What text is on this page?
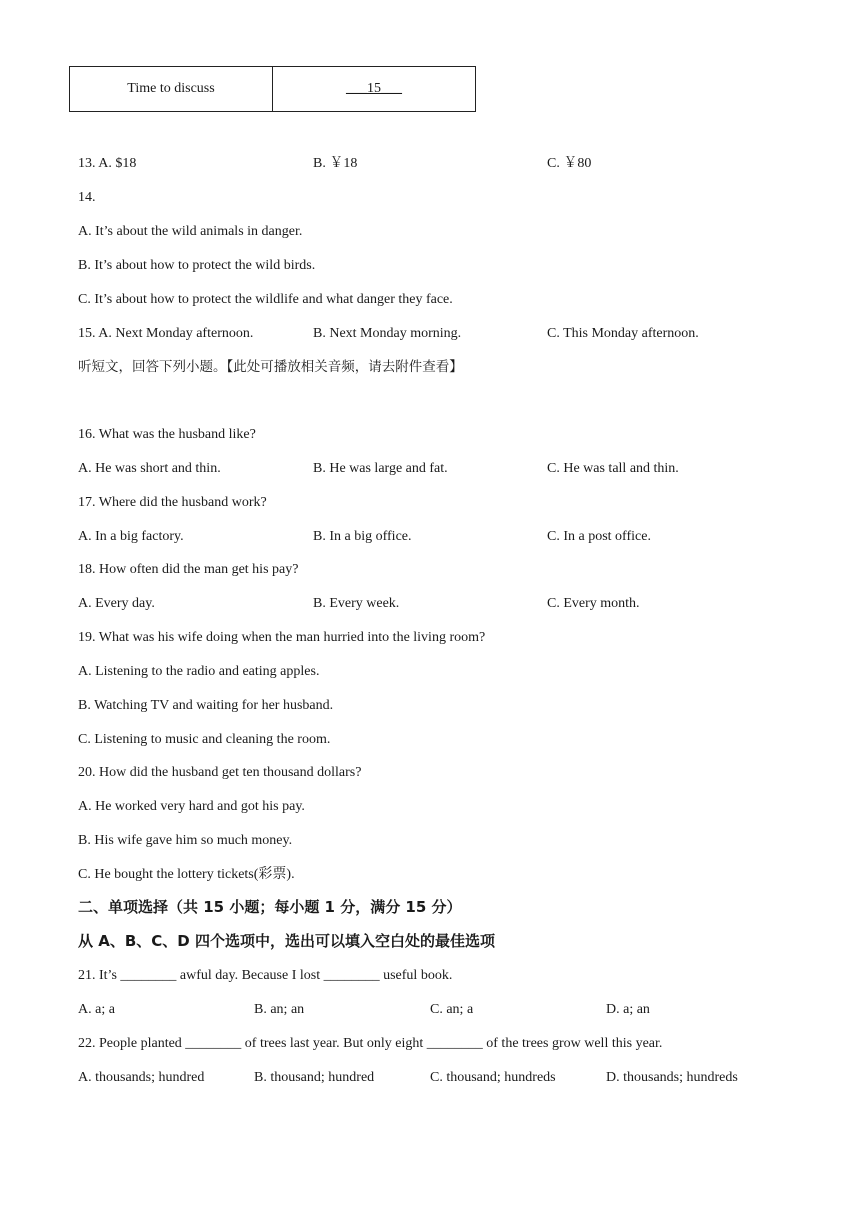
Time to discuss	___15___
13. A. $18	B. ￥18	C. ￥80
14.
A. It’s about the wild animals in danger.
B. It’s about how to protect the wild birds.
C. It’s about how to protect the wildlife and what danger they face.
15. A. Next Monday afternoon.	B. Next Monday morning.	C. This Monday afternoon.
听短文，回答下列小题。【此处可播放相关音频，请去附件查看】
16. What was the husband like?
A. He was short and thin.	B. He was large and fat.	C. He was tall and thin.
17. Where did the husband work?
A. In a big factory.	B. In a big office.	C. In a post office.
18. How often did the man get his pay?
A. Every day.	B. Every week.	C. Every month.
19. What was his wife doing when the man hurried into the living room?
A. Listening to the radio and eating apples.
B. Watching TV and waiting for her husband.
C. Listening to music and cleaning the room.
20. How did the husband get ten thousand dollars?
A. He worked very hard and got his pay.
B. His wife gave him so much money.
C. He bought the lottery tickets(彩票).
二、单项选择（共 15 小题；每小题 1 分，满分 15 分）
从 A、B、C、D 四个选项中，选出可以填入空白处的最佳选项
21. It’s ________ awful day. Because I lost ________ useful book.
A. a; a	B. an; an	C. an; a	D. a; an
22. People planted ________ of trees last year. But only eight ________ of the trees grow well this year.
A. thousands; hundred	B. thousand; hundred	C. thousand; hundreds	D. thousands; hundreds
